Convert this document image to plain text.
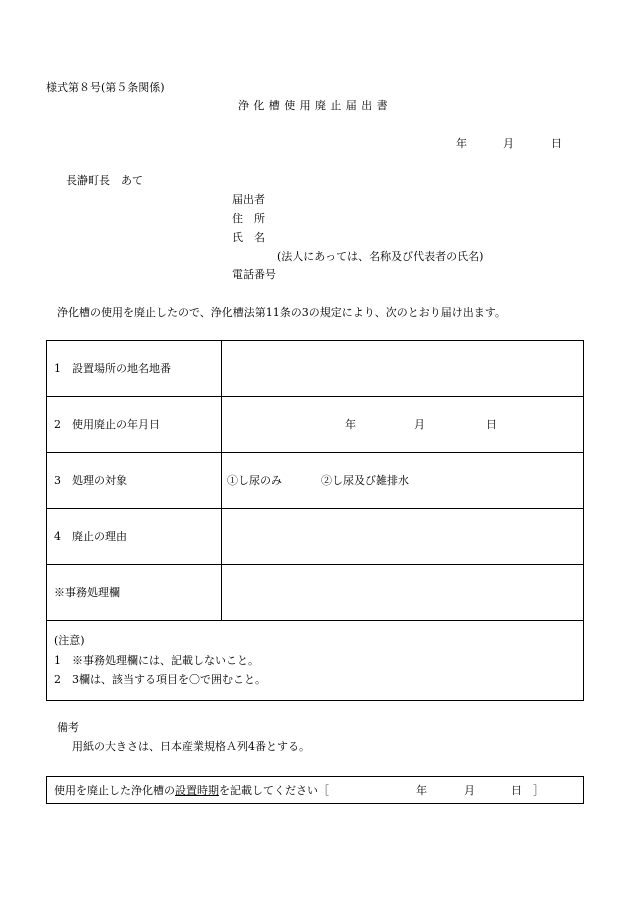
様式第８号(第５条関係)
浄化槽使用廃止届出書
年	月	日
長瀞町長　あて
届出者
住　所
氏　名
(法人にあっては、名称及び代表者の氏名)
電話番号
浄化槽の使用を廃止したので、浄化槽法第11条の3の規定により、次のとおり届け出ます。
1　設置場所の地名地番
2　使用廃止の年月日	年	月	日
3　処理の対象	①し尿のみ	②し尿及び雑排水
4　廃止の理由
※事務処理欄
(注意)
1　※事務処理欄には、記載しないこと。
2　3欄は、該当する項目を〇で囲むこと。
備考
用紙の大きさは、日本産業規格Ａ列4番とする。
使用を廃止した浄化槽の設置時期を記載してください［	年	月	日 ］
